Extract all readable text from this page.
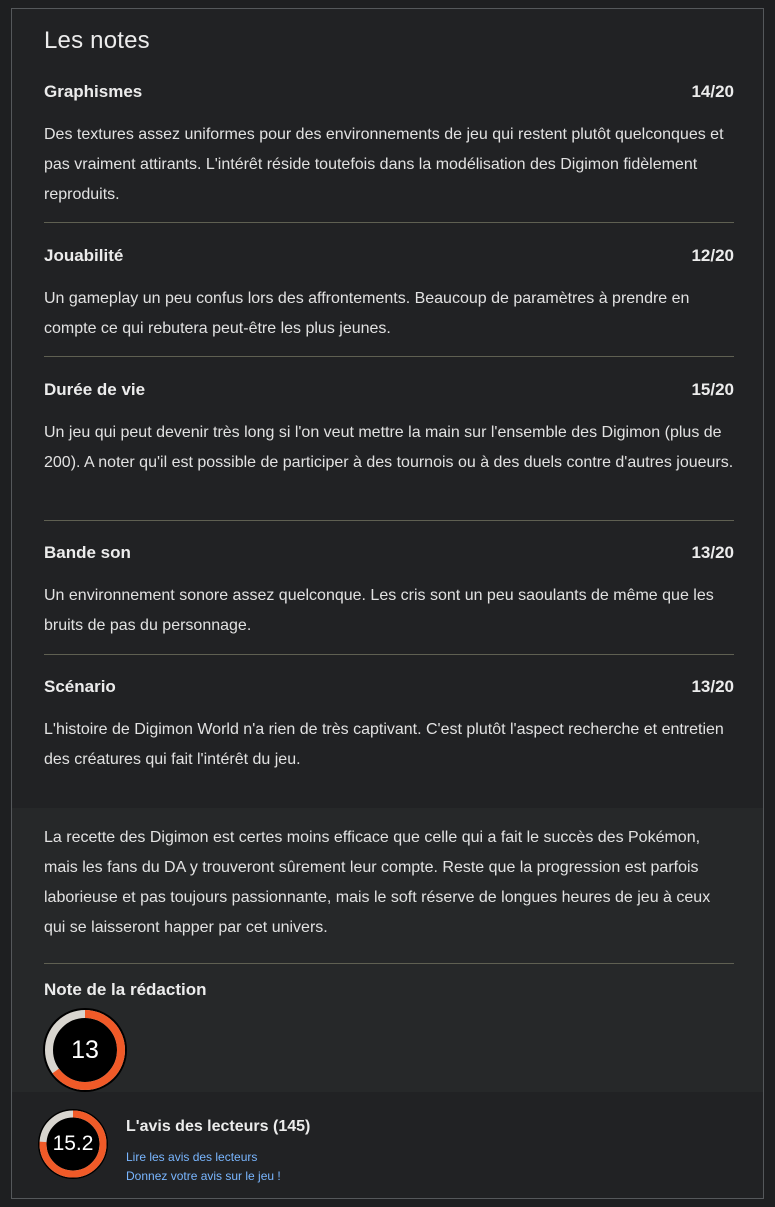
Les notes
Graphismes	14/20
Des textures assez uniformes pour des environnements de jeu qui restent plutôt quelconques et pas vraiment attirants. L'intérêt réside toutefois dans la modélisation des Digimon fidèlement reproduits.
Jouabilité	12/20
Un gameplay un peu confus lors des affrontements. Beaucoup de paramètres à prendre en compte ce qui rebutera peut-être les plus jeunes.
Durée de vie	15/20
Un jeu qui peut devenir très long si l'on veut mettre la main sur l'ensemble des Digimon (plus de 200). A noter qu'il est possible de participer à des tournois ou à des duels contre d'autres joueurs.
Bande son	13/20
Un environnement sonore assez quelconque. Les cris sont un peu saoulants de même que les bruits de pas du personnage.
Scénario	13/20
L'histoire de Digimon World n'a rien de très captivant. C'est plutôt l'aspect recherche et entretien des créatures qui fait l'intérêt du jeu.
La recette des Digimon est certes moins efficace que celle qui a fait le succès des Pokémon, mais les fans du DA y trouveront sûrement leur compte. Reste que la progression est parfois laborieuse et pas toujours passionnante, mais le soft réserve de longues heures de jeu à ceux qui se laisseront happer par cet univers.
Note de la rédaction
13
15.2
L'avis des lecteurs (145)
Lire les avis des lecteurs
Donnez votre avis sur le jeu !
